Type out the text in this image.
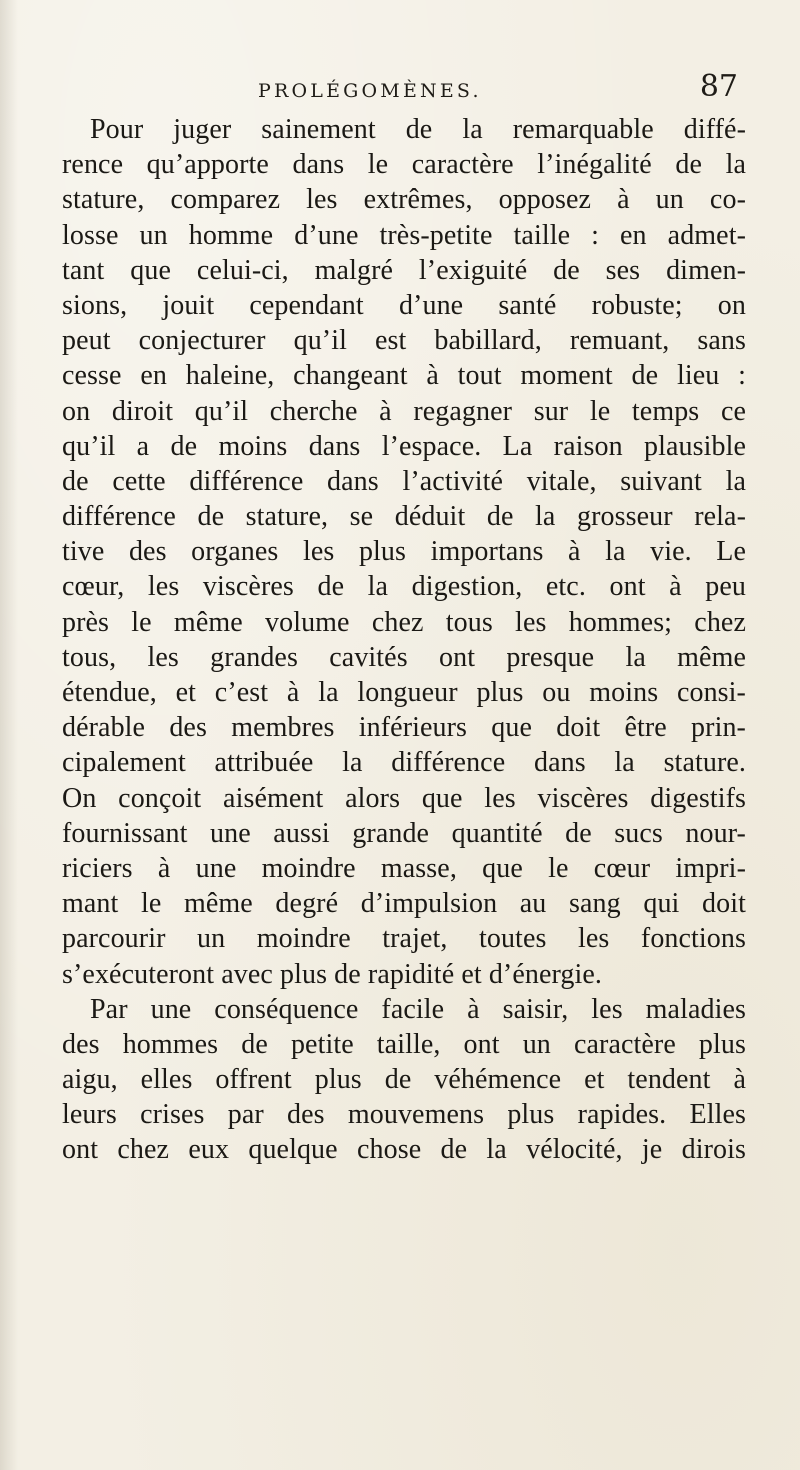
PROLÉGOMÈNES.	87
Pour juger sainement de la remarquable diffé-
rence qu’apporte dans le caractère l’inégalité de la
stature, comparez les extrêmes, opposez à un co-
losse un homme d’une très-petite taille : en admet-
tant que celui-ci, malgré l’exiguité de ses dimen-
sions, jouit cependant d’une santé robuste; on
peut conjecturer qu’il est babillard, remuant, sans
cesse en haleine, changeant à tout moment de lieu :
on diroit qu’il cherche à regagner sur le temps ce
qu’il a de moins dans l’espace. La raison plausible
de cette différence dans l’activité vitale, suivant la
différence de stature, se déduit de la grosseur rela-
tive des organes les plus importans à la vie. Le
cœur, les viscères de la digestion, etc. ont à peu
près le même volume chez tous les hommes; chez
tous, les grandes cavités ont presque la même
étendue, et c’est à la longueur plus ou moins consi-
dérable des membres inférieurs que doit être prin-
cipalement attribuée la différence dans la stature.
On conçoit aisément alors que les viscères digestifs
fournissant une aussi grande quantité de sucs nour-
riciers à une moindre masse, que le cœur impri-
mant le même degré d’impulsion au sang qui doit
parcourir un moindre trajet, toutes les fonctions
s’exécuteront avec plus de rapidité et d’énergie.
Par une conséquence facile à saisir, les maladies
des hommes de petite taille, ont un caractère plus
aigu, elles offrent plus de véhémence et tendent à
leurs crises par des mouvemens plus rapides. Elles
ont chez eux quelque chose de la vélocité, je dirois
